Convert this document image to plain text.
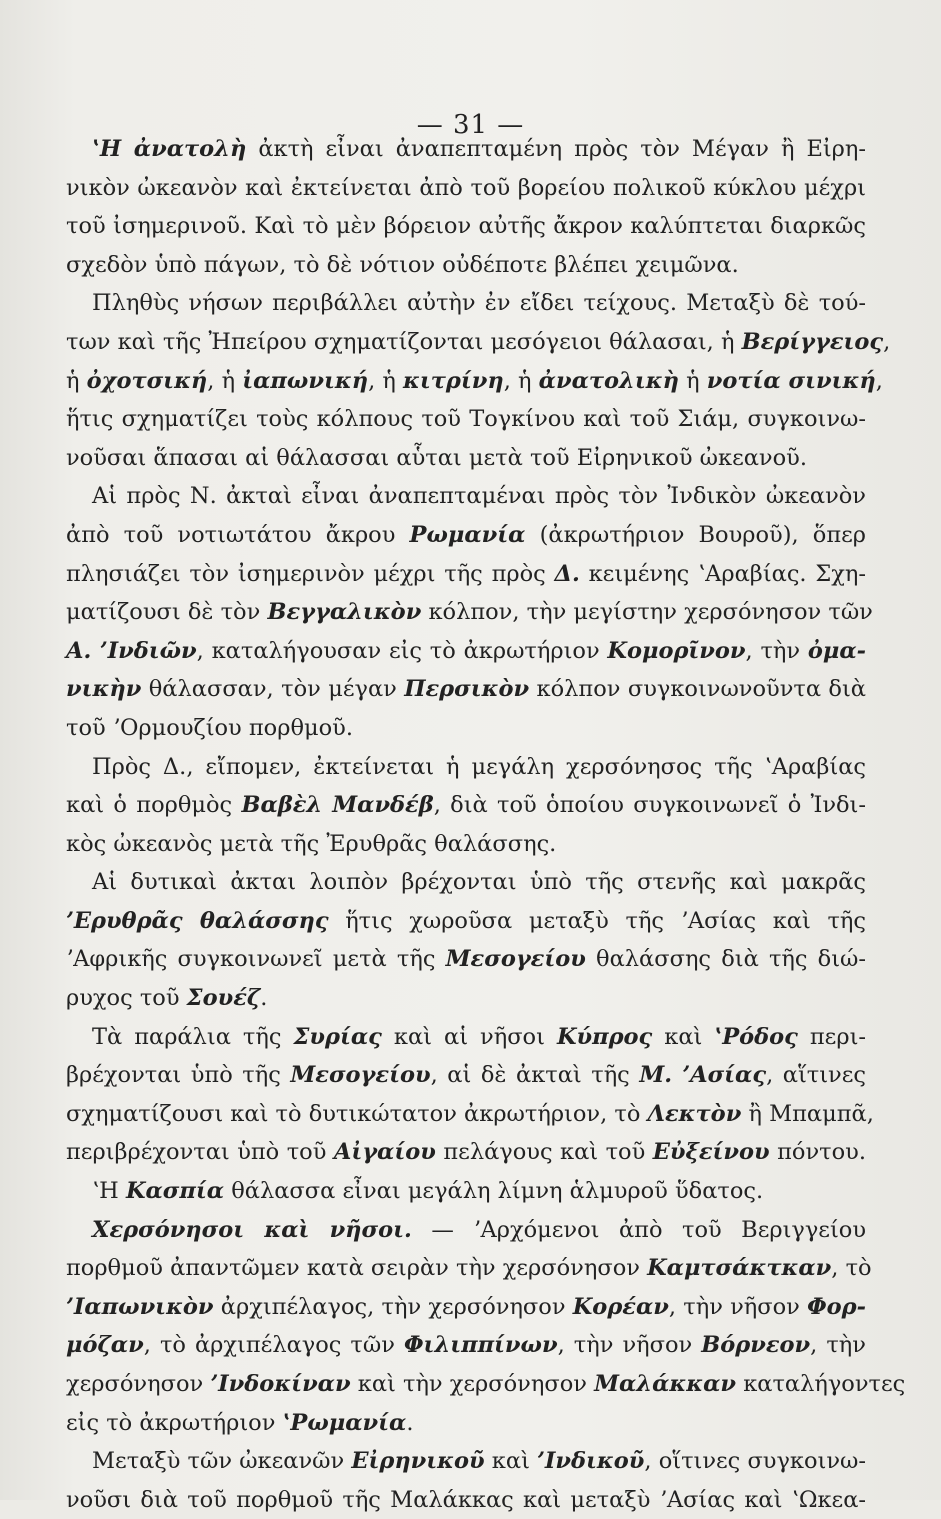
— 31 —
ʽΗ ἀνατολὴ ἀκτὴ εἶναι ἀναπεπταμένη πρὸς τὸν Μέγαν ἢ Εἰρη-
νικὸν ὠκεανὸν καὶ ἐκτείνεται ἀπὸ τοῦ βορείου πολικοῦ κύκλου μέχρι
τοῦ ἰσημερινοῦ. Καὶ τὸ μὲν βόρειον αὐτῆς ἄκρον καλύπτεται διαρκῶς
σχεδὸν ὑπὸ πάγων, τὸ δὲ νότιον οὐδέποτε βλέπει χειμῶνα.
Πληθὺς νήσων περιβάλλει αὐτὴν ἐν εἴδει τείχους. Μεταξὺ δὲ τού-
των καὶ τῆς Ἠπείρου σχηματίζονται μεσόγειοι θάλασαι, ἡ Βερίγγειος,
ἡ ὀχοτσική, ἡ ἰαπωνική, ἡ κιτρίνη, ἡ ἀνατολικὴ ἡ νοτία σινική,
ἥτις σχηματίζει τοὺς κόλπους τοῦ Τογκίνου καὶ τοῦ Σιάμ, συγκοινω-
νοῦσαι ἅπασαι αἱ θάλασσαι αὗται μετὰ τοῦ Εἰρηνικοῦ ὠκεανοῦ.
Αἱ πρὸς Ν. ἀκταὶ εἶναι ἀναπεπταμέναι πρὸς τὸν Ἰνδικὸν ὠκεανὸν
ἀπὸ τοῦ νοτιωτάτου ἄκρου Ρωμανία (ἀκρωτήριον Βουροῦ), ὅπερ
πλησιάζει τὸν ἰσημερινὸν μέχρι τῆς πρὸς Δ. κειμένης ʽΑραβίας. Σχη-
ματίζουσι δὲ τὸν Βεγγαλικὸν κόλπον, τὴν μεγίστην χερσόνησον τῶν
Α. ʼΙνδιῶν, καταλήγουσαν εἰς τὸ ἀκρωτήριον Κομορῖνον, τὴν ὀμα-
νικὴν θάλασσαν, τὸν μέγαν Περσικὸν κόλπον συγκοινωνοῦντα διὰ
τοῦ ʼΟρμουζίου πορθμοῦ.
Πρὸς Δ., εἴπομεν, ἐκτείνεται ἡ μεγάλη χερσόνησος τῆς ʽΑραβίας
καὶ ὁ πορθμὸς Βαβὲλ Μανδέβ, διὰ τοῦ ὁποίου συγκοινωνεῖ ὁ Ἰνδι-
κὸς ὠκεανὸς μετὰ τῆς Ἐρυθρᾶς θαλάσσης.
Αἱ δυτικαὶ ἀκται λοιπὸν βρέχονται ὑπὸ τῆς στενῆς καὶ μακρᾶς
ʼΕρυθρᾶς θαλάσσης ἥτις χωροῦσα μεταξὺ τῆς ʼΑσίας καὶ τῆς
ʼΑφρικῆς συγκοινωνεῖ μετὰ τῆς Μεσογείου θαλάσσης διὰ τῆς διώ-
ρυχος τοῦ Σουέζ.
Τὰ παράλια τῆς Συρίας καὶ αἱ νῆσοι Κύπρος καὶ ʽΡόδος περι-
βρέχονται ὑπὸ τῆς Μεσογείου, αἱ δὲ ἀκταὶ τῆς Μ. ʼΑσίας, αἵτινες
σχηματίζουσι καὶ τὸ δυτικώτατον ἀκρωτήριον, τὸ Λεκτὸν ἢ Μπαμπᾶ,
περιβρέχονται ὑπὸ τοῦ Αἰγαίου πελάγους καὶ τοῦ Εὐξείνου πόντου.
ʽΗ Κασπία θάλασσα εἶναι μεγάλη λίμνη ἁλμυροῦ ὕδατος.
Χερσόνησοι καὶ νῆσοι. — ʼΑρχόμενοι ἀπὸ τοῦ Βεριγγείου
πορθμοῦ ἀπαντῶμεν κατὰ σειρὰν τὴν χερσόνησον Καμτσάκτκαν, τὸ
ʼΙαπωνικὸν ἀρχιπέλαγος, τὴν χερσόνησον Κορέαν, τὴν νῆσον Φορ-
μόζαν, τὸ ἀρχιπέλαγος τῶν Φιλιππίνων, τὴν νῆσον Βόρνεον, τὴν
χερσόνησον ʼΙνδοκίναν καὶ τὴν χερσόνησον Μαλάκκαν καταλήγοντες
εἰς τὸ ἀκρωτήριον ʽΡωμανία.
Μεταξὺ τῶν ὠκεανῶν Εἰρηνικοῦ καὶ ʼΙνδικοῦ, οἵτινες συγκοινω-
νοῦσι διὰ τοῦ πορθμοῦ τῆς Μαλάκκας καὶ μεταξὺ ʼΑσίας καὶ ʽΩκεα-
